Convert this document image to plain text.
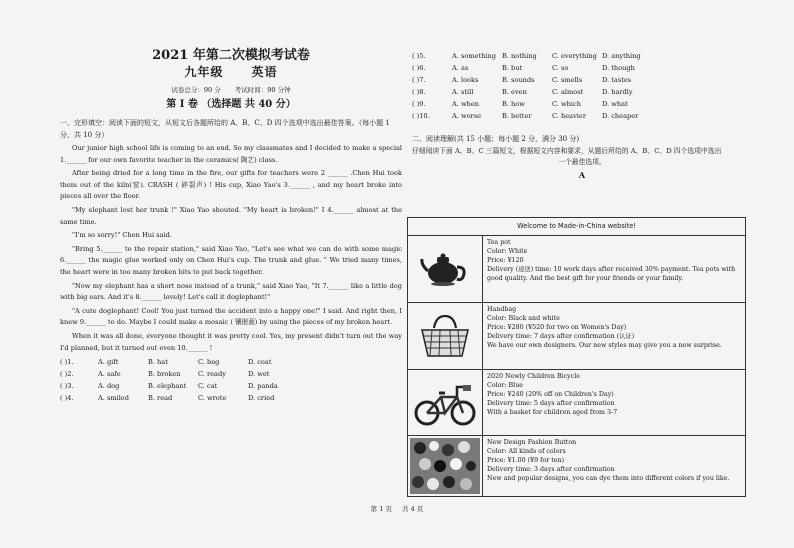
2021 年第二次模拟考试卷
九年级 英语
试卷总分：90 分 考试时间：90 分钟
第 I 卷 （选择题 共 40 分）
一、完形填空：阅读下面的短文，从短文后各题所给的 A、B、C、D 四个选项中选出最佳答案。（每小题 1分，共 10 分）
Our junior high school life is coming to an end. So my classmates and I decided to make a special 1.______ for our own favorite teacher in the ceramics( 陶艺) class.
After being dried for a long time in the fire, our gifts for teachers were 2 ______ .Chen Hui took them out of the kiln(窑). CRASH ( 碎裂声) ! His cup, Xiao Yao's 3.______ , and my heart broke into pieces all over the floor.
"My elephant lost her trunk !" Xiao Yao shouted. "My heart is broken!" I 4.______ almost at the same time.
"I'm so sorry!" Chen Hui said.
"Bring 5.______ to the repair station," said Xiao Yao, "Let's see what we can do with some magic 6.______ the magic glue worked only on Chen Hui's cup. The trunk and glue. " We tried many times, the heart were in too many broken bits to put back together.
"Now my elephant has a short nose instead of a trunk," said Xiao Yao, "It 7.______ like a little dog with big ears. And it's 8.______ lovely! Let's call it doglephant!"
"A cute doglephant! Cool! You just turned the accident into a happy one!" I said. And right then, I knew 9.______ to do. Maybe I could make a mosaic ( 镶嵌画) by using the pieces of my broken heart.
When it was all done, everyone thought it was pretty cool. Yes, my present didn't turn out the way I'd planned, but it turned out even 10.______ !
( )1.	A. gift	B. hat	C. bag	D. coat
( )2.	A. safe	B. broken	C. ready	D. wet
( )3.	A. dog	B. elephant	C. cat	D. panda
( )4.	A. smiled	B. read	C. wrote	D. cried
( )5.	A. something B. nothing	C. everything D. anything
( )6.	A. as	B. but	C. so	D. though
( )7.	A. looks	B. sounds	C. smells	D. tastes
( )8.	A. still	B. even	C. almost	D. hardly
( )9.	A. when	B. how	C. which	D. what
( )10.	A. worse	B. better	C. heavier	D. cheaper
二、阅读理解(共 15 小题；每小题 2 分，满分 30 分)
仔细阅读下面 A、B、C 三篇短文，根据短文内容和要求，从题后所给的 A、B、C、D 四个选项中选出
一个最佳选项。
A
Welcome to Made-in-China website!
Tea pot
Color: White
Price: ¥120
Delivery (递送) time: 10 work days after received 30% payment. Tea pots with
good quality. And the best gift for your friends or your family.
Handbag
Color: Black and white
Price: ¥280 (¥520 for two on Women's Day)
Delivery time: 7 days after confirmation (认证)
We have our own designers. Our new styles may give you a new surprise.
2020 Newly Children Bicycle
Color: Blue
Price: ¥240 (20% off on Children's Day)
Delivery time: 5 days after confirmation
With a basket for children aged from 3-7
New Design Fashion Button
Color: All kinds of colors
Price: ¥1.00 (¥9 for ten)
Delivery time: 3 days after confirmation
New and popular designs, you can dye them into different colors if you like.
第 1 页 共 4 页
